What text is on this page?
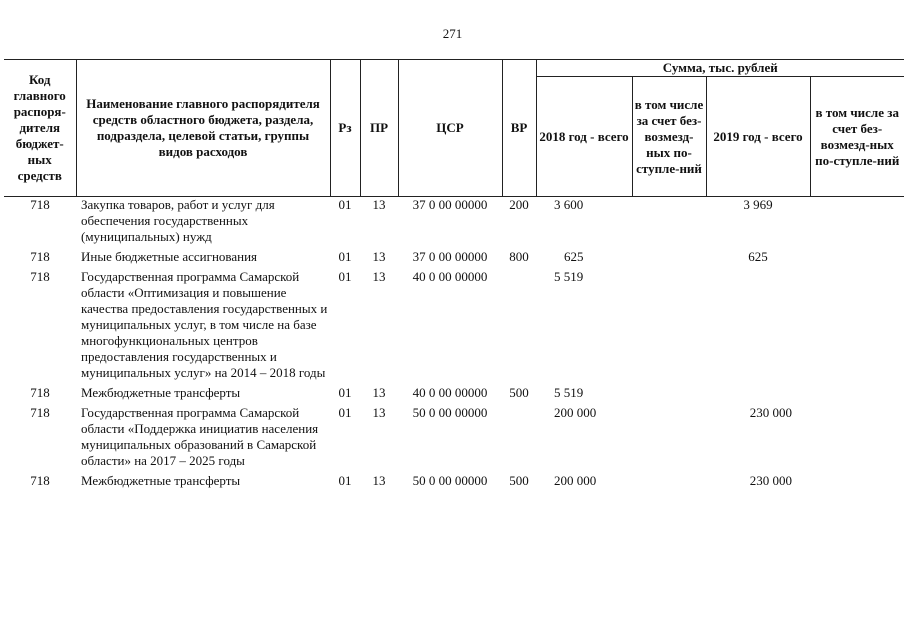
271
Код главного распоря-дителя бюджет-ных средств	Наименование главного распорядителя средств областного бюджета, раздела, подраздела, целевой статьи, группы видов расходов	Рз	ПР	ЦСР	ВР	Сумма, тыс. рублей			
						2018 год - всего	в том числе за счет без-возмезд-ных по-ступле-ний	2019 год - всего	в том числе за счет без-возмезд-ных по-ступле-ний
718	Закупка товаров, работ и услуг для обеспечения государственных (муниципальных) нужд	01	13	37 0 00 00000	200	3 600		3 969	
718	Иные бюджетные ассигнования	01	13	37 0 00 00000	800	625		625	
718	Государственная программа Самарской области «Оптимизация и повышение качества предоставления государственных и муниципальных услуг, в том числе на базе многофункциональных центров предоставления государственных и муниципальных услуг» на 2014 – 2018 годы	01	13	40 0 00 00000		5 519			
718	Межбюджетные трансферты	01	13	40 0 00 00000	500	5 519			
718	Государственная программа Самарской области «Поддержка инициатив населения муниципальных образований в Самарской области» на 2017 – 2025 годы	01	13	50 0 00 00000		200 000		230 000	
718	Межбюджетные трансферты	01	13	50 0 00 00000	500	200 000		230 000	
